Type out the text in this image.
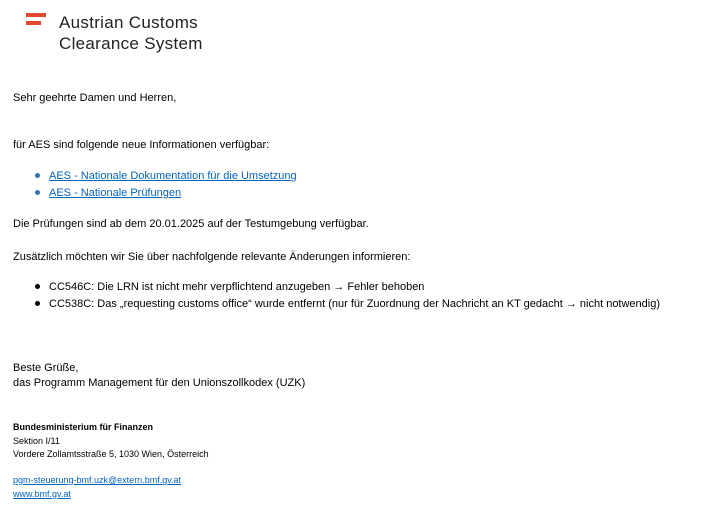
Austrian Customs
Clearance System
Sehr geehrte Damen und Herren,
für AES sind folgende neue Informationen verfügbar:
AES - Nationale Dokumentation für die Umsetzung
AES - Nationale Prüfungen
Die Prüfungen sind ab dem 20.01.2025 auf der Testumgebung verfügbar.
Zusätzlich möchten wir Sie über nachfolgende relevante Änderungen informieren:
CC546C: Die LRN ist nicht mehr verpflichtend anzugeben → Fehler behoben
CC538C: Das „requesting customs office“ wurde entfernt (nur für Zuordnung der Nachricht an KT gedacht → nicht notwendig)
Beste Grüße,
das Programm Management für den Unionszollkodex (UZK)
Bundesministerium für Finanzen
Sektion I/11
Vordere Zollamtsstraße 5, 1030 Wien, Österreich
pgm-steuerung-bmf.uzk@extern.bmf.gv.at
www.bmf.gv.at
